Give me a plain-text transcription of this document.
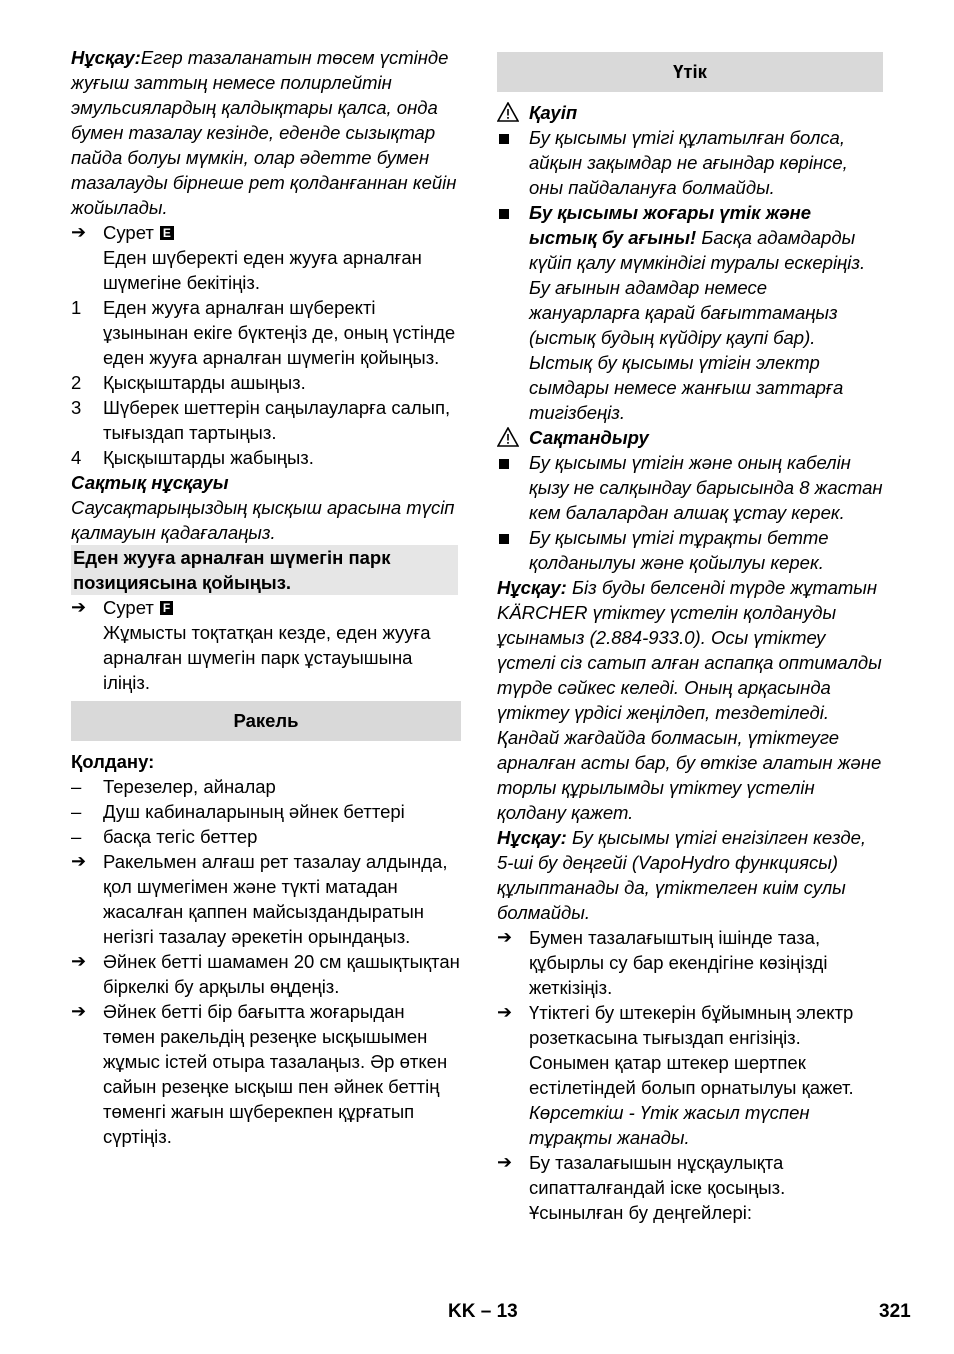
Нұсқау:Егер тазаланатын төсем үстінде жуғыш заттың немесе полирлейтін эмульсиялардың қалдықтары қалса, онда бумен тазалау кезінде, еденде сызықтар пайда болуы мүмкін, олар әдетте бумен тазалауды бірнеше рет қолданғаннан кейін жойылады.

➔ Сурет E
Еден шүберекті еден жууға арналған шүмегіне бекітіңіз.
1	Еден жууға арналған шүберекті ұзынынан екіге бүктеңіз де, оның үстінде еден жууға арналған шүмегін қойыңыз.
2	Қысқыштарды ашыңыз.
3	Шүберек шеттерін саңылауларға салып, тығыздап тартыңыз.
4	Қысқыштарды жабыңыз.

Сақтық нұсқауы

Саусақтарыңыздың қысқыш арасына түсіп қалмауын қадағалаңыз.

Еден жууға арналған шүмегін парк позициясына қойыңыз.
➔ Сурет F
Жұмысты тоқтатқан кезде, еден жууға арналған шүмегін парк ұстауышына іліңіз.
Ракель

Қолдану:

–	Терезелер, айналар
–	Душ кабиналарының әйнек беттері
–	басқа тегіс беттер
➔ Ракельмен алғаш рет тазалау алдында, қол шүмегімен және түкті матадан жасалған қаппен майсыздандыратын негізгі тазалау әрекетін орындаңыз.
➔ Әйнек бетті шамамен 20 см қашықтықтан біркелкі бу арқылы өңдеңіз.
➔ Әйнек бетті бір бағытта жоғарыдан төмен ракельдің резеңке ысқышымен жұмыс істей отыра тазалаңыз. Әр өткен сайын резеңке ысқыш пен әйнек беттің төменгі жағын шүберекпен құрғатып сүртіңіз.
Үтік

Қауіп

Бу қысымы үтігі құлатылған болса, айқын зақымдар не ағындар көрінсе, оны пайдалануға болмайды.
Бу қысымы жоғары үтік және ыстық бу ағыны! Басқа адамдарды күйіп қалу мүмкіндігі туралы ескеріңіз. Бу ағынын адамдар немесе жануарларға қарай бағыттамаңыз (ыстық будың күйдіру қаупі бар). Ыстық бу қысымы үтігін электр сымдары немесе жанғыш заттарға тигізбеңіз.

Сақтандыру

Бу қысымы үтігін және оның кабелін қызу не салқындау барысында 8 жастан кем балалардан алшақ ұстау керек.
Бу қысымы үтігі тұрақты бетте қолданылуы және қойылуы керек.

Нұсқау: Біз буды белсенді түрде жұтатын KÄRCHER үтіктеу үстелін қолдануды ұсынамыз (2.884-933.0). Осы үтіктеу үстелі сіз сатып алған аспапқа оптималды түрде сәйкес келеді. Оның арқасында үтіктеу үрдісі жеңілдеп, тездетіледі. Қандай жағдайда болмасын, үтіктеуге арналған асты бар, бу өткізе алатын және торлы құрылымды үтіктеу үстелін қолдану қажет.

Нұсқау: Бу қысымы үтігі енгізілген кезде, 5-ші бу деңгейі (VapoHydro функциясы) құлыптанады да, үтіктелген киім сулы болмайды.

➔ Бумен тазалағыштың ішінде таза, құбырлы су бар екендігіне көзіңізді жеткізіңіз.
➔ Үтіктегі бу штекерін бұйымның электр розеткасына тығыздап енгізіңіз. Сонымен қатар штекер шертпек естілетіндей болып орнатылуы қажет.
Көрсеткіш - Үтік жасыл түспен тұрақты жанады.
➔ Бу тазалағышын нұсқаулықта сипатталғандай іске қосыңыз. Ұсынылған бу деңгейлері:
KK – 13	321
